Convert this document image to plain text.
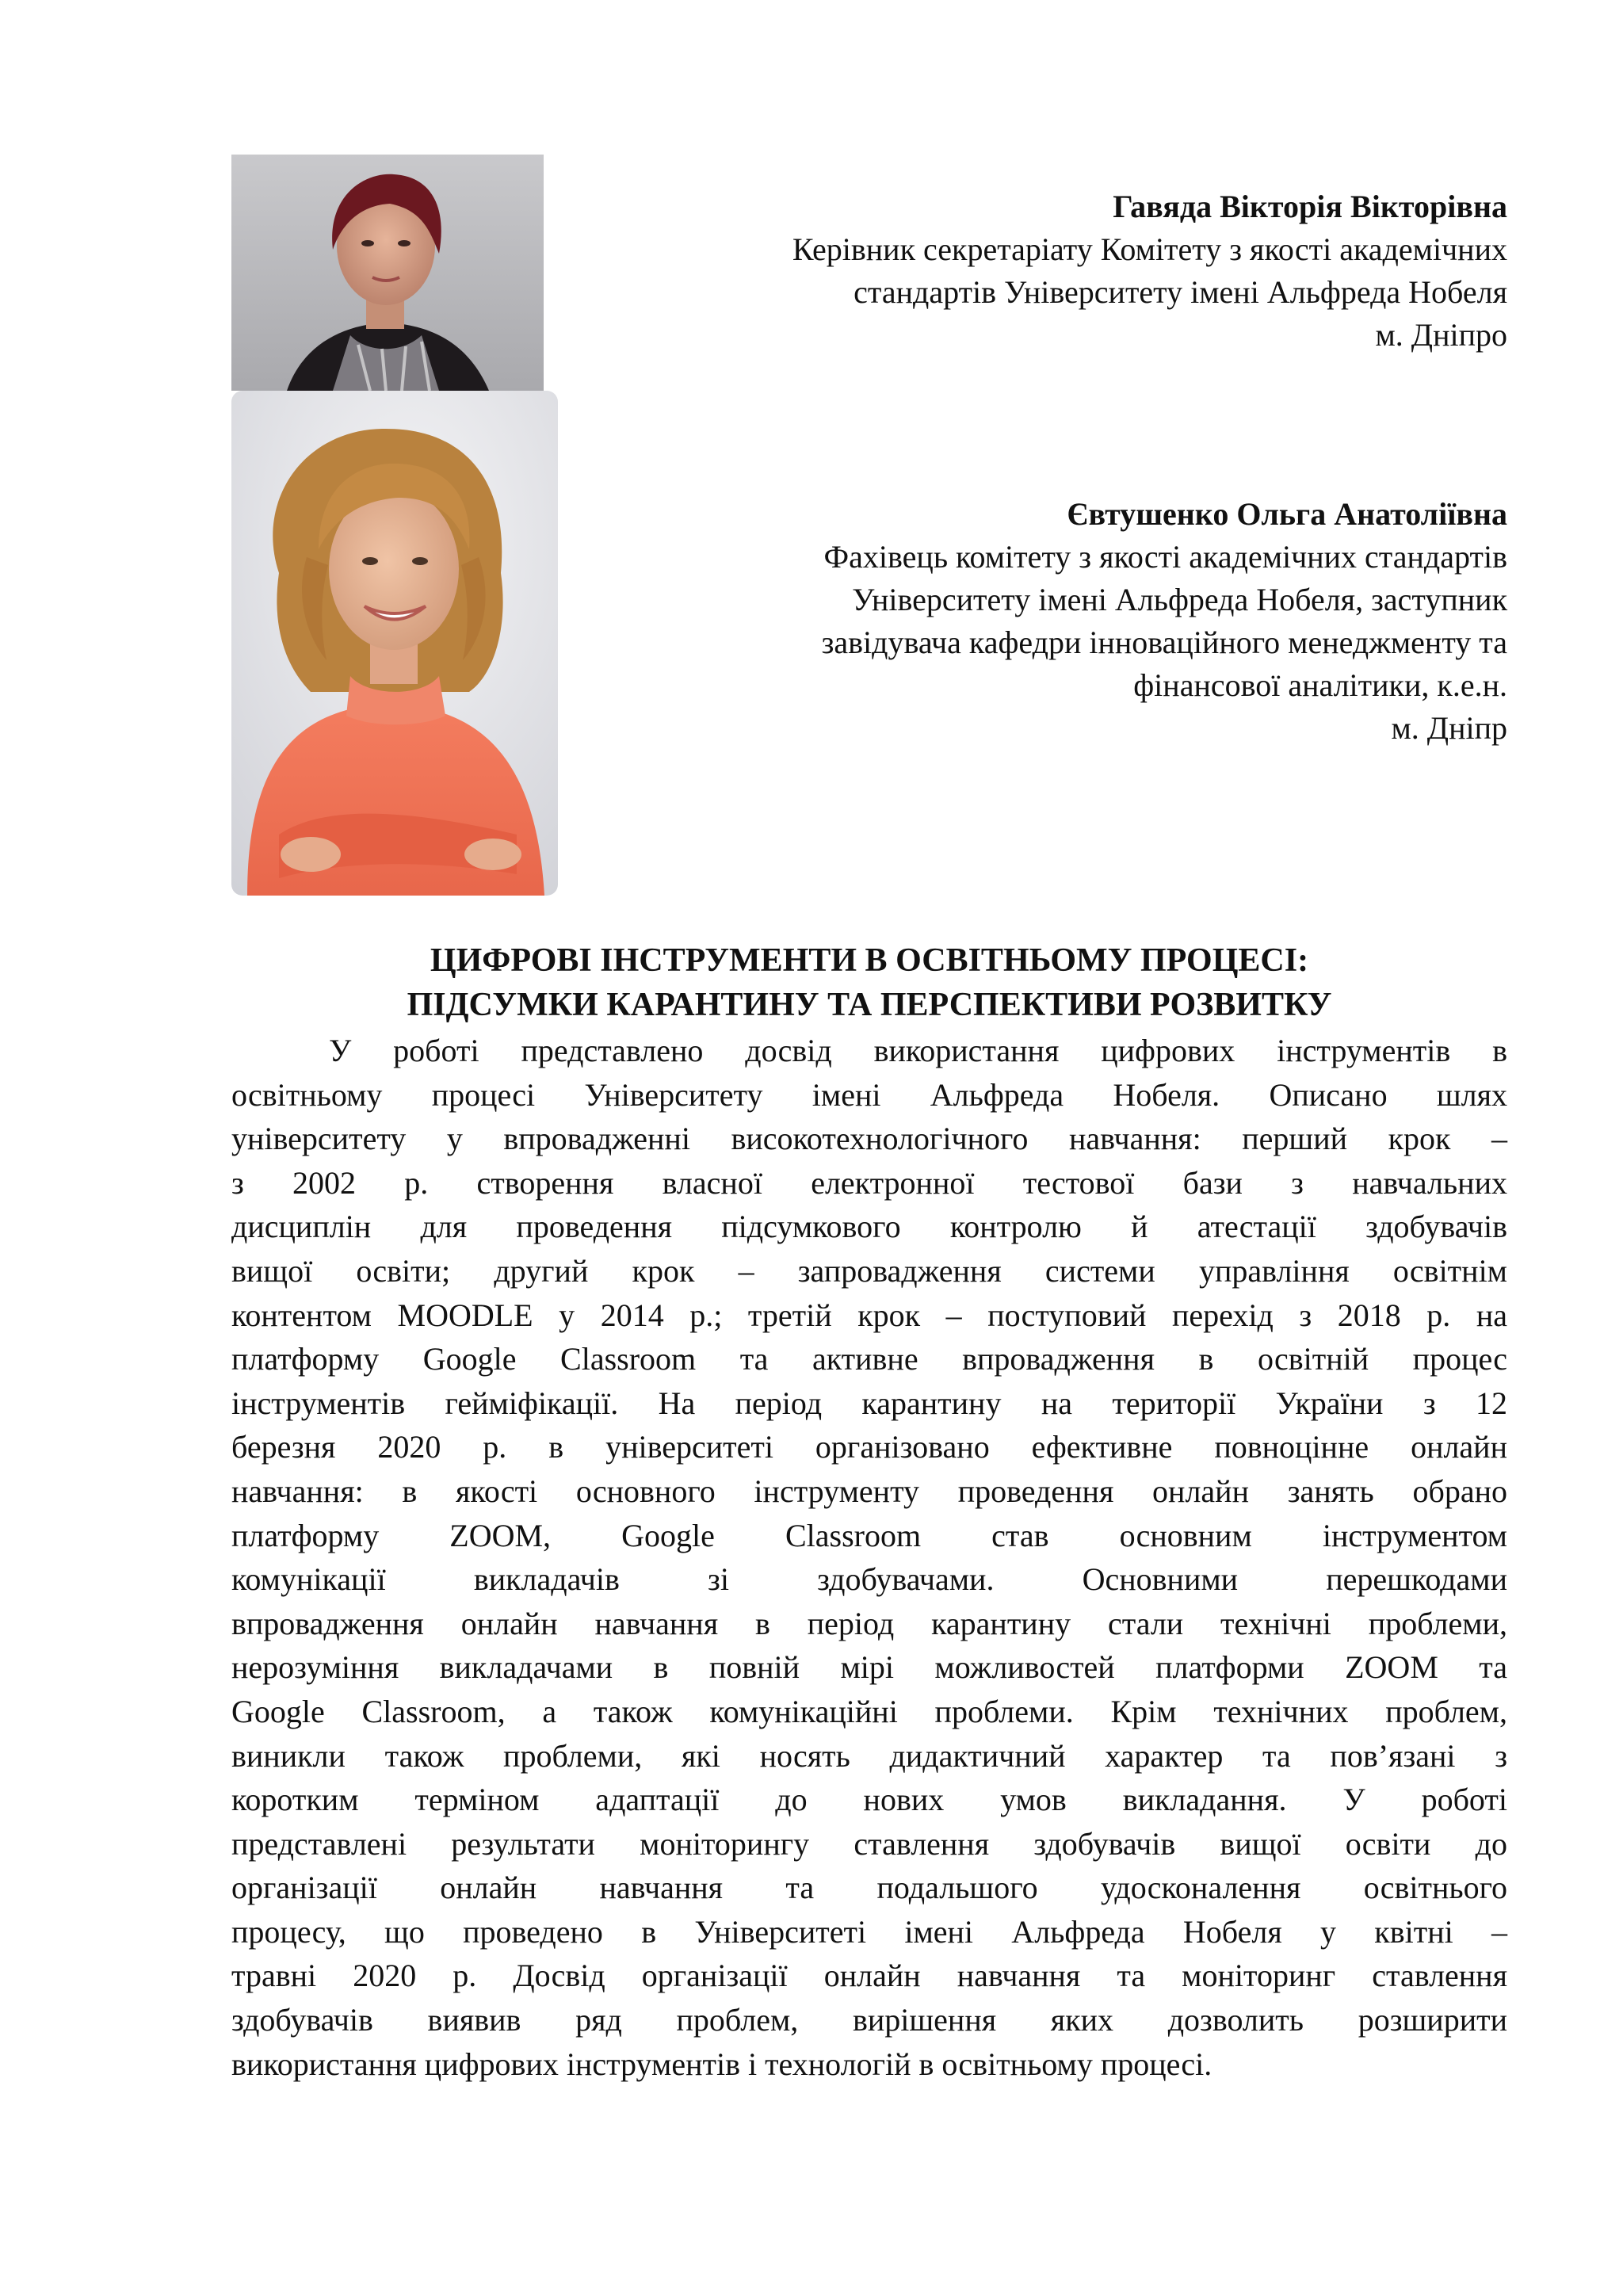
Гавяда Вікторія Вікторівна
Керівник секретаріату Комітету з якості академічних
стандартів Університету імені Альфреда Нобеля
м. Дніпро
Євтушенко Ольга Анатоліївна
Фахівець комітету з якості академічних стандартів
Університету імені Альфреда Нобеля, заступник
завідувача кафедри інноваційного менеджменту та
фінансової аналітики, к.е.н.
м. Дніпр
ЦИФРОВІ ІНСТРУМЕНТИ В ОСВІТНЬОМУ ПРОЦЕСІ:
ПІДСУМКИ КАРАНТИНУ ТА ПЕРСПЕКТИВИ РОЗВИТКУ
У роботі представлено досвід використання цифрових інструментів в
освітньому процесі Університету імені Альфреда Нобеля. Описано шлях
університету у впровадженні високотехнологічного навчання: перший крок –
з 2002 р. створення власної електронної тестової бази з навчальних
дисциплін для проведення підсумкового контролю й атестації здобувачів
вищої освіти; другий крок – запровадження системи управління освітнім
контентом MOODLE у 2014 р.; третій крок – поступовий перехід з 2018 р. на
платформу Google Classroom та активне впровадження в освітній процес
інструментів гейміфікації. На період карантину на території України з 12
березня 2020 р. в університеті організовано ефективне повноцінне онлайн
навчання: в якості основного інструменту проведення онлайн занять обрано
платформу ZOOM, Google Classroom став основним інструментом
комунікації викладачів зі здобувачами. Основними перешкодами
впровадження онлайн навчання в період карантину стали технічні проблеми,
нерозуміння викладачами в повній мірі можливостей платформи ZOOM та
Google Classroom, а також комунікаційні проблеми. Крім технічних проблем,
виникли також проблеми, які носять дидактичний характер та пов’язані з
коротким терміном адаптації до нових умов викладання. У роботі
представлені результати моніторингу ставлення здобувачів вищої освіти до
організації онлайн навчання та подальшого удосконалення освітнього
процесу, що проведено в Університеті імені Альфреда Нобеля у квітні –
травні 2020 р. Досвід організації онлайн навчання та моніторинг ставлення
здобувачів виявив ряд проблем, вирішення яких дозволить розширити
використання цифрових інструментів і технологій в освітньому процесі.
